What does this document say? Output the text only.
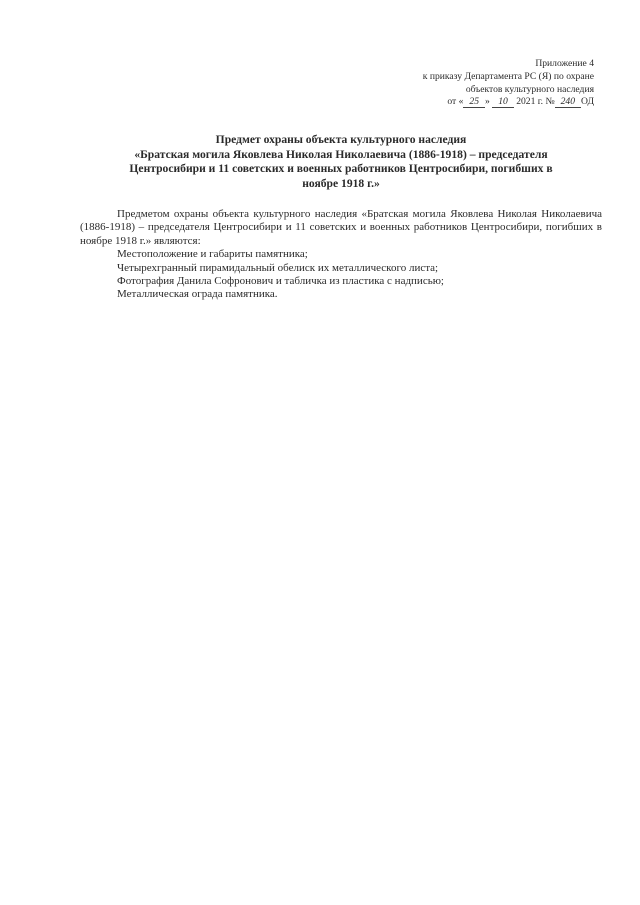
Приложение 4
к приказу Департамента РС (Я) по охране
объектов культурного наследия
от « 25 » 10 2021 г. № 240 ОД
Предмет охраны объекта культурного наследия
«Братская могила Яковлева Николая Николаевича (1886-1918) – председателя
Центросибири и 11 советских и военных работников Центросибири, погибших в
ноябре 1918 г.»

Предметом охраны объекта культурного наследия «Братская могила Яковлева Николая Николаевича (1886-1918) – председателя Центросибири и 11 советских и военных работников Центросибири, погибших в ноябре 1918 г.» являются:

Местоположение и габариты памятника;

Четырехгранный пирамидальный обелиск их металлического листа;

Фотография Данила Софронович и табличка из пластика с надписью;

Металлическая ограда памятника.
